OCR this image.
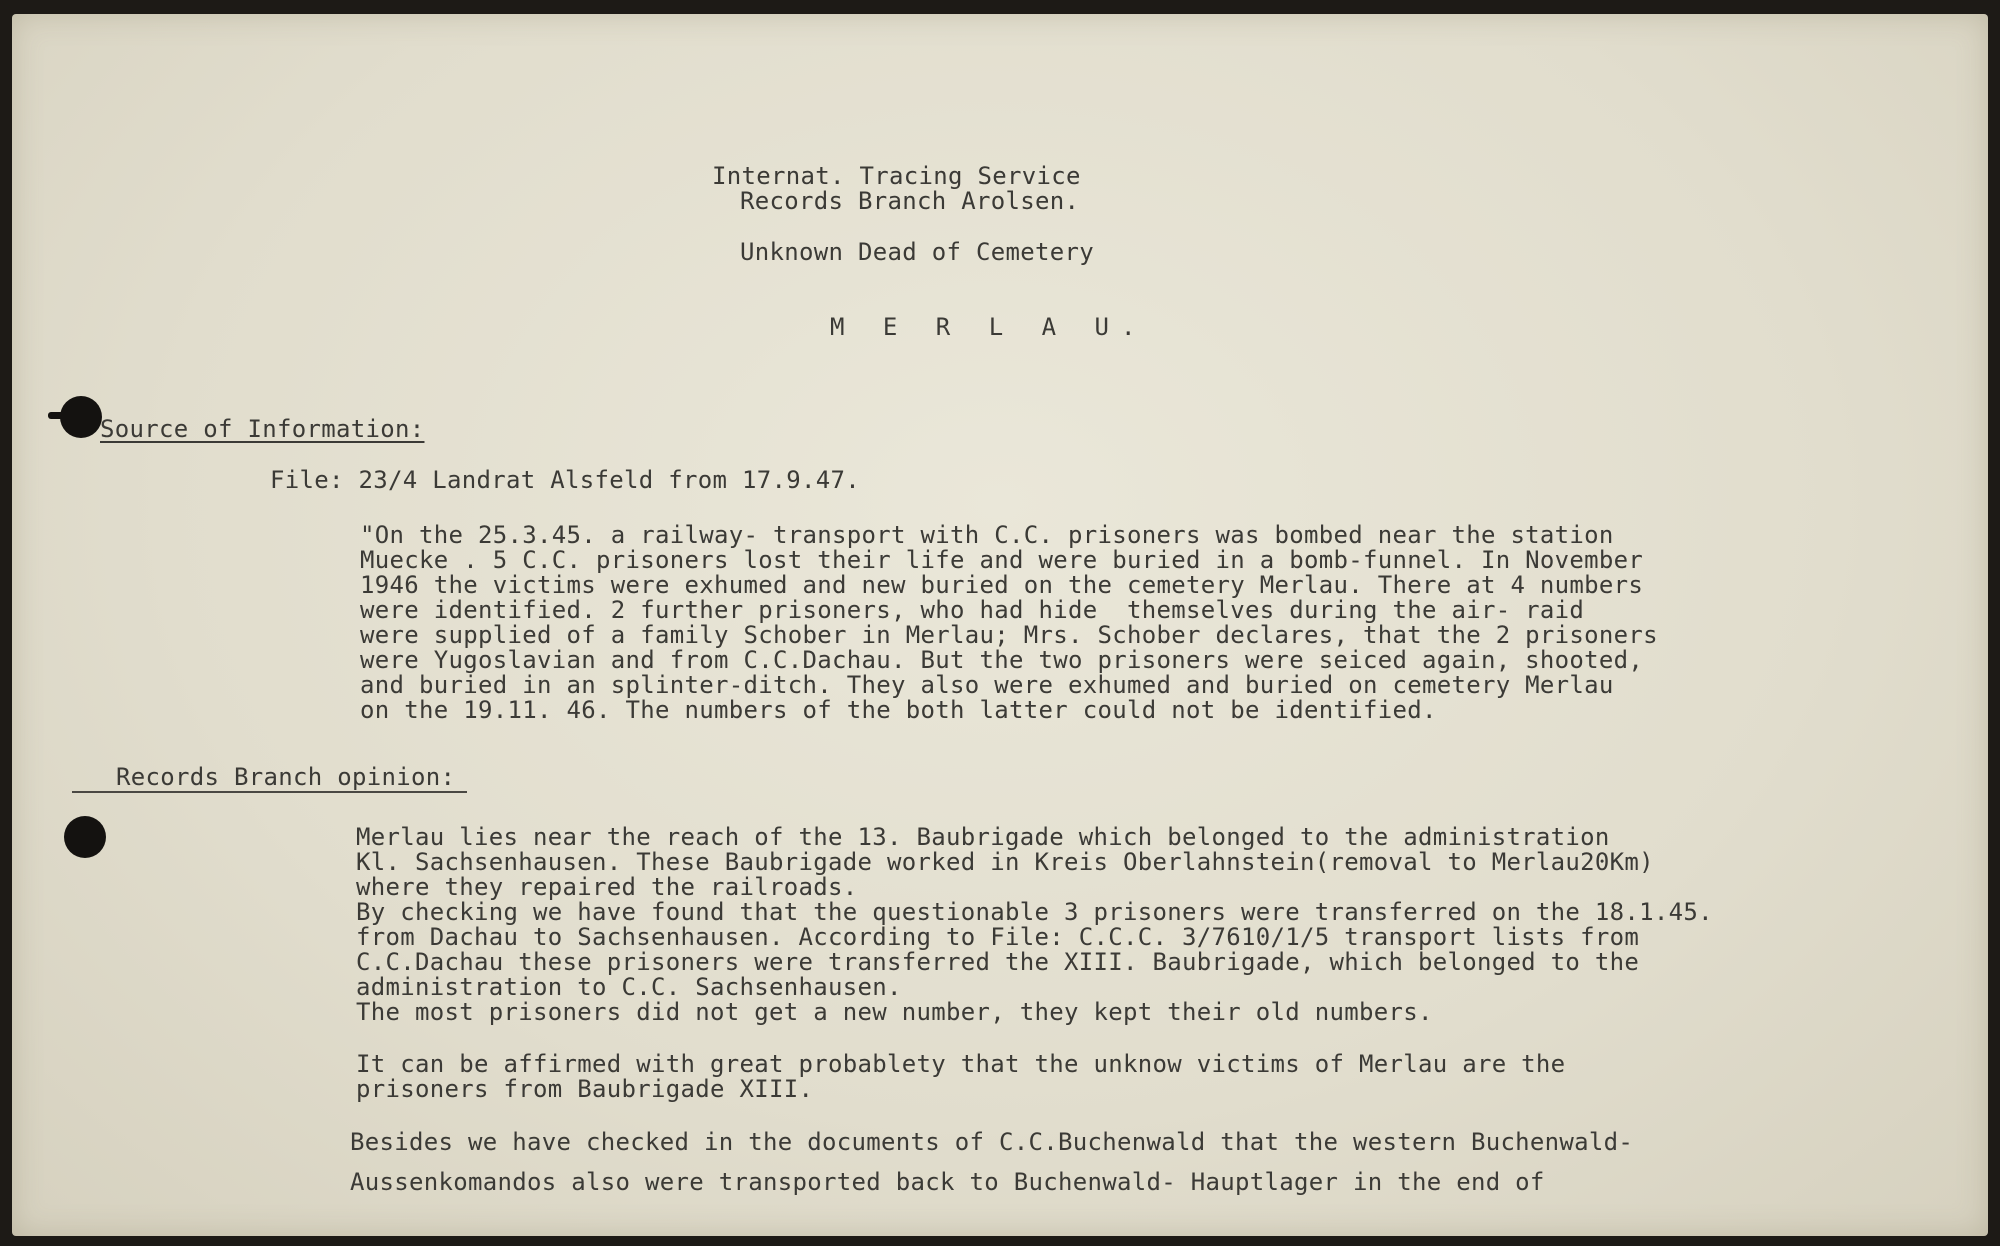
Internat. Tracing Service
Records Branch Arolsen.
Unknown Dead of Cemetery
M E R L A U.
Source of Information:
File: 23/4 Landrat Alsfeld from 17.9.47.
"On the 25.3.45. a railway- transport with C.C. prisoners was bombed near the station
Muecke . 5 C.C. prisoners lost their life and were buried in a bomb-funnel. In November
1946 the victims were exhumed and new buried on the cemetery Merlau. There at 4 numbers
were identified. 2 further prisoners, who had hide  themselves during the air- raid
were supplied of a family Schober in Merlau; Mrs. Schober declares, that the 2 prisoners
were Yugoslavian and from C.C.Dachau. But the two prisoners were seiced again, shooted,
and buried in an splinter-ditch. They also were exhumed and buried on cemetery Merlau
on the 19.11. 46. The numbers of the both latter could not be identified.
Records Branch opinion:
Merlau lies near the reach of the 13. Baubrigade which belonged to the administration
Kl. Sachsenhausen. These Baubrigade worked in Kreis Oberlahnstein(removal to Merlau20Km)
where they repaired the railroads.
By checking we have found that the questionable 3 prisoners were transferred on the 18.1.45.
from Dachau to Sachsenhausen. According to File: C.C.C. 3/7610/1/5 transport lists from
C.C.Dachau these prisoners were transferred the XIII. Baubrigade, which belonged to the
administration to C.C. Sachsenhausen.
The most prisoners did not get a new number, they kept their old numbers.
It can be affirmed with great probablety that the unknow victims of Merlau are the
prisoners from Baubrigade XIII.
Besides we have checked in the documents of C.C.Buchenwald that the western Buchenwald-
Aussenkomandos also were transported back to Buchenwald- Hauptlager in the end of
